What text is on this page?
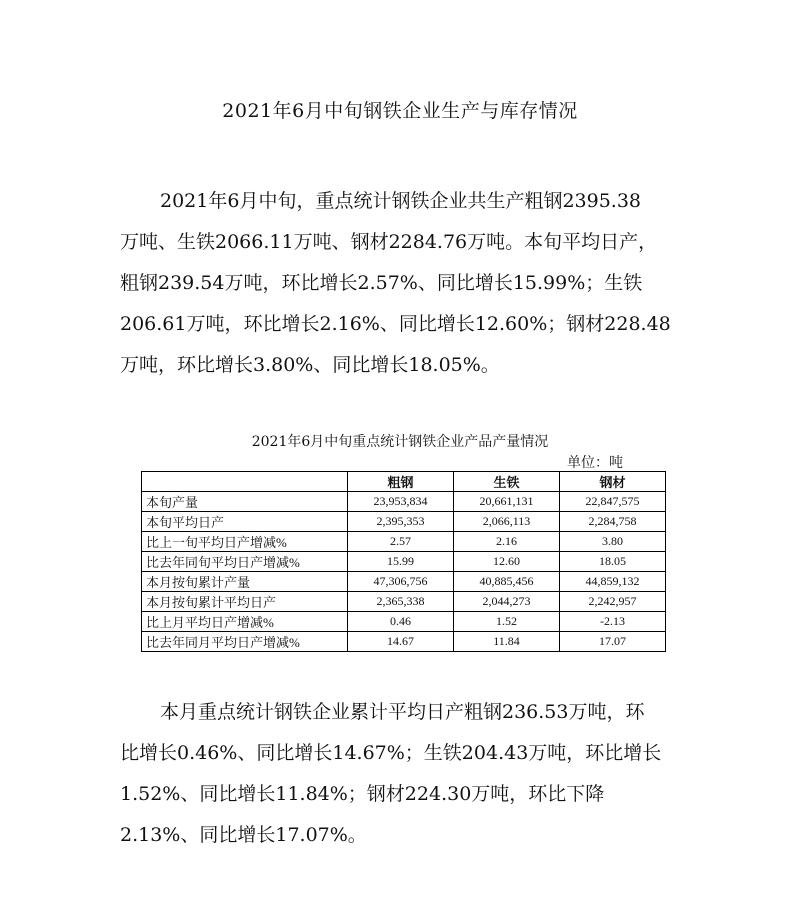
2021年6月中旬钢铁企业生产与库存情况

2021年6月中旬，重点统计钢铁企业共生产粗钢2395.38
万吨、生铁2066.11万吨、钢材2284.76万吨。本旬平均日产，
粗钢239.54万吨，环比增长2.57%、同比增长15.99%；生铁
206.61万吨，环比增长2.16%、同比增长12.60%；钢材228.48
万吨，环比增长3.80%、同比增长18.05%。

2021年6月中旬重点统计钢铁企业产品产量情况
单位：吨
	粗钢	生铁	钢材
本旬产量	23,953,834	20,661,131	22,847,575
本旬平均日产	2,395,353	2,066,113	2,284,758
比上一旬平均日产增减%	2.57	2.16	3.80
比去年同旬平均日产增减%	15.99	12.60	18.05
本月按旬累计产量	47,306,756	40,885,456	44,859,132
本月按旬累计平均日产	2,365,338	2,044,273	2,242,957
比上月平均日产增减%	0.46	1.52	-2.13
比去年同月平均日产增减%	14.67	11.84	17.07

本月重点统计钢铁企业累计平均日产粗钢236.53万吨，环
比增长0.46%、同比增长14.67%；生铁204.43万吨，环比增长
1.52%、同比增长11.84%；钢材224.30万吨，环比下降
2.13%、同比增长17.07%。
